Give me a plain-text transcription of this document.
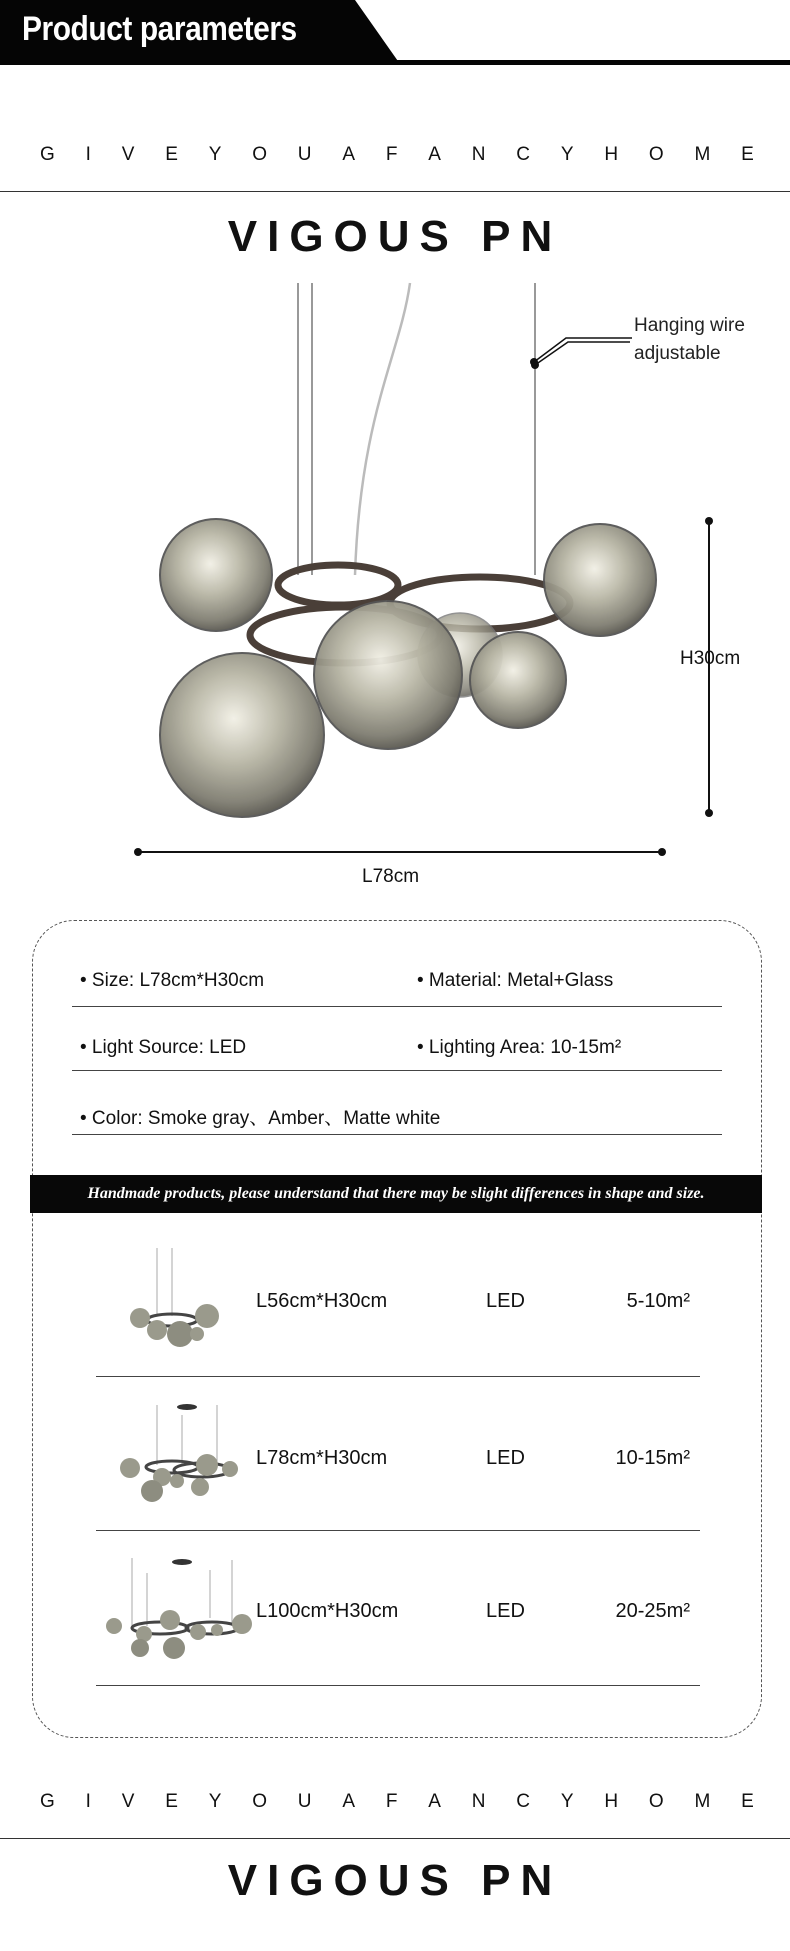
Product parameters
G I V E Y O U A F A N C Y H O M E
VIGOUS PN
Hanging wire
adjustable
H30cm
L78cm
• Size: L78cm*H30cm	• Material: Metal+Glass
• Light Source: LED	• Lighting Area: 10-15m²
• Color: Smoke gray、Amber、Matte white
Handmade products, please understand that there may be slight differences in shape and size.
L56cm*H30cm	LED	5-10m²
L78cm*H30cm	LED	10-15m²
L100cm*H30cm	LED	20-25m²
G I V E Y O U A F A N C Y H O M E
VIGOUS PN
